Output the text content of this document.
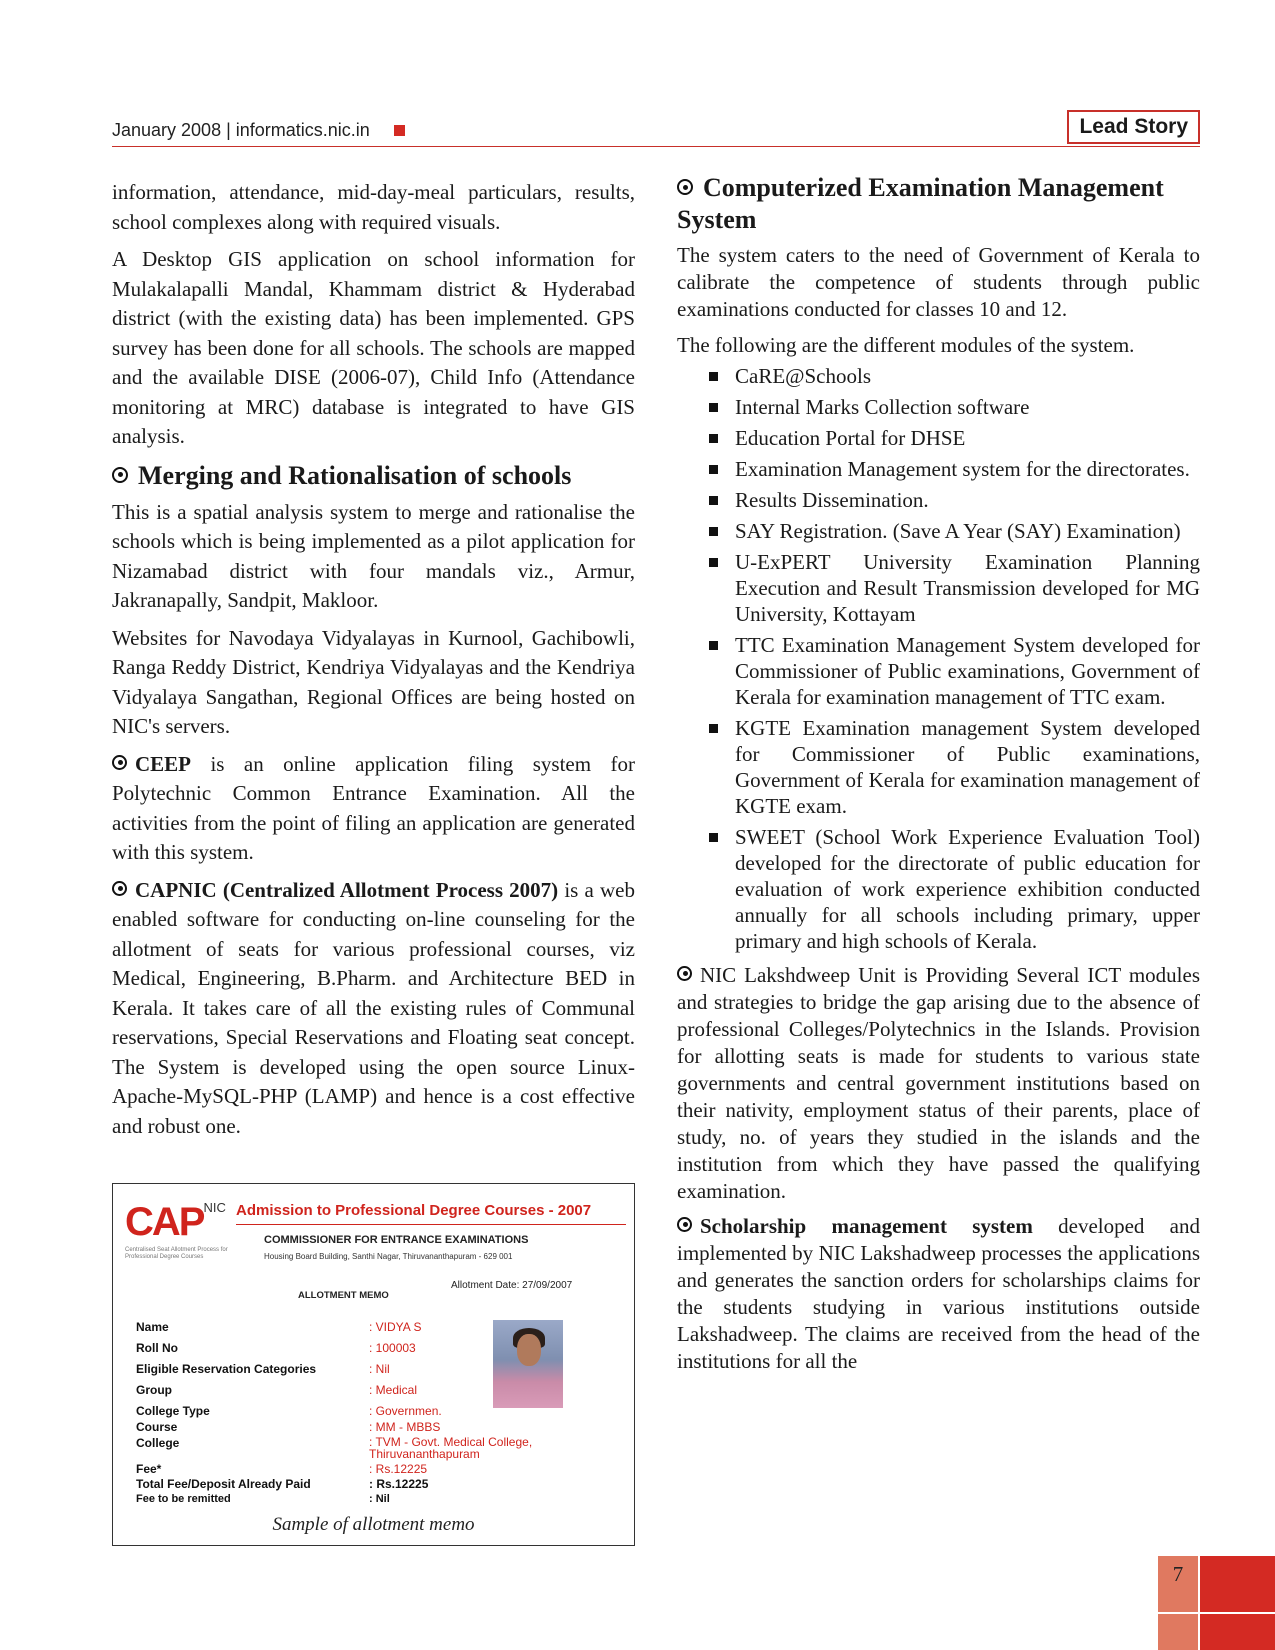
January 2008 | informatics.nic.in	Lead Story

information, attendance, mid-day-meal particulars, results, school complexes along with required visuals.

A Desktop GIS application on school information for Mulakalapalli Mandal, Khammam district & Hyderabad district (with the existing data) has been implemented. GPS survey has been done for all schools. The schools are mapped and the available DISE (2006-07), Child Info (Attendance monitoring at MRC) database is integrated to have GIS analysis.

Merging and Rationalisation of schools

This is a spatial analysis system to merge and rationalise the schools which is being implemented as a pilot application for Nizamabad district with four mandals viz., Armur, Jakranapally, Sandpit, Makloor.

Websites for Navodaya Vidyalayas in Kurnool, Gachibowli, Ranga Reddy District, Kendriya Vidyalayas and the Kendriya Vidyalaya Sangathan, Regional Offices are being hosted on NIC's servers.

CEEP is an online application filing system for Polytechnic Common Entrance Examination. All the activities from the point of filing an application are generated with this system.

CAPNIC (Centralized Allotment Process 2007) is a web enabled software for conducting on-line counseling for the allotment of seats for various professional courses, viz Medical, Engineering, B.Pharm. and Architecture BED in Kerala. It takes care of all the existing rules of Communal reservations, Special Reservations and Floating seat concept. The System is developed using the open source Linux-Apache-MySQL-PHP (LAMP) and hence is a cost effective and robust one.

$CAP^{NIC}$
Centralised Seat Allotment Process for Professional Degree Courses
Admission to Professional Degree Courses - 2007
COMMISSIONER FOR ENTRANCE EXAMINATIONS
Housing Board Building, Santhi Nagar, Thiruvananthapuram - 629 001
Allotment Date: 27/09/2007
ALLOTMENT MEMO
Name	: VIDYA S
Roll No	: 100003
Eligible Reservation Categories	: Nil
Group	: Medical
College Type	: Governmen.
Course	: MM - MBBS
College	: TVM - Govt. Medical College, Thiruvananthapuram
Fee*	: Rs.12225
Total Fee/Deposit Already Paid	: Rs.12225
Fee to be remitted	: Nil
Sample of allotment memo
Computerized Examination Management System

The system caters to the need of Government of Kerala to calibrate the competence of students through public examinations conducted for classes 10 and 12.

The following are the different modules of the system.

CaRE@Schools
Internal Marks Collection software
Education Portal for DHSE
Examination Management system for the directorates.
Results Dissemination.
SAY Registration. (Save A Year (SAY) Examination)
U-ExPERT University Examination Planning Execution and Result Transmission developed for MG University, Kottayam
TTC Examination Management System developed for Commissioner of Public examinations, Government of Kerala for examination management of TTC exam.
KGTE Examination management System developed for Commissioner of Public examinations, Government of Kerala for examination management of KGTE exam.
SWEET (School Work Experience Evaluation Tool) developed for the directorate of public education for evaluation of work experience exhibition conducted annually for all schools including primary, upper primary and high schools of Kerala.

NIC Lakshdweep Unit is Providing Several ICT modules and strategies to bridge the gap arising due to the absence of professional Colleges/Polytechnics in the Islands. Provision for allotting seats is made for students to various state governments and central government institutions based on their nativity, employment status of their parents, place of study, no. of years they studied in the islands and the institution from which they have passed the qualifying examination.

Scholarship management system developed and implemented by NIC Lakshadweep processes the applications and generates the sanction orders for scholarships claims for the students studying in various institutions outside Lakshadweep. The claims are received from the head of the institutions for all the

7
